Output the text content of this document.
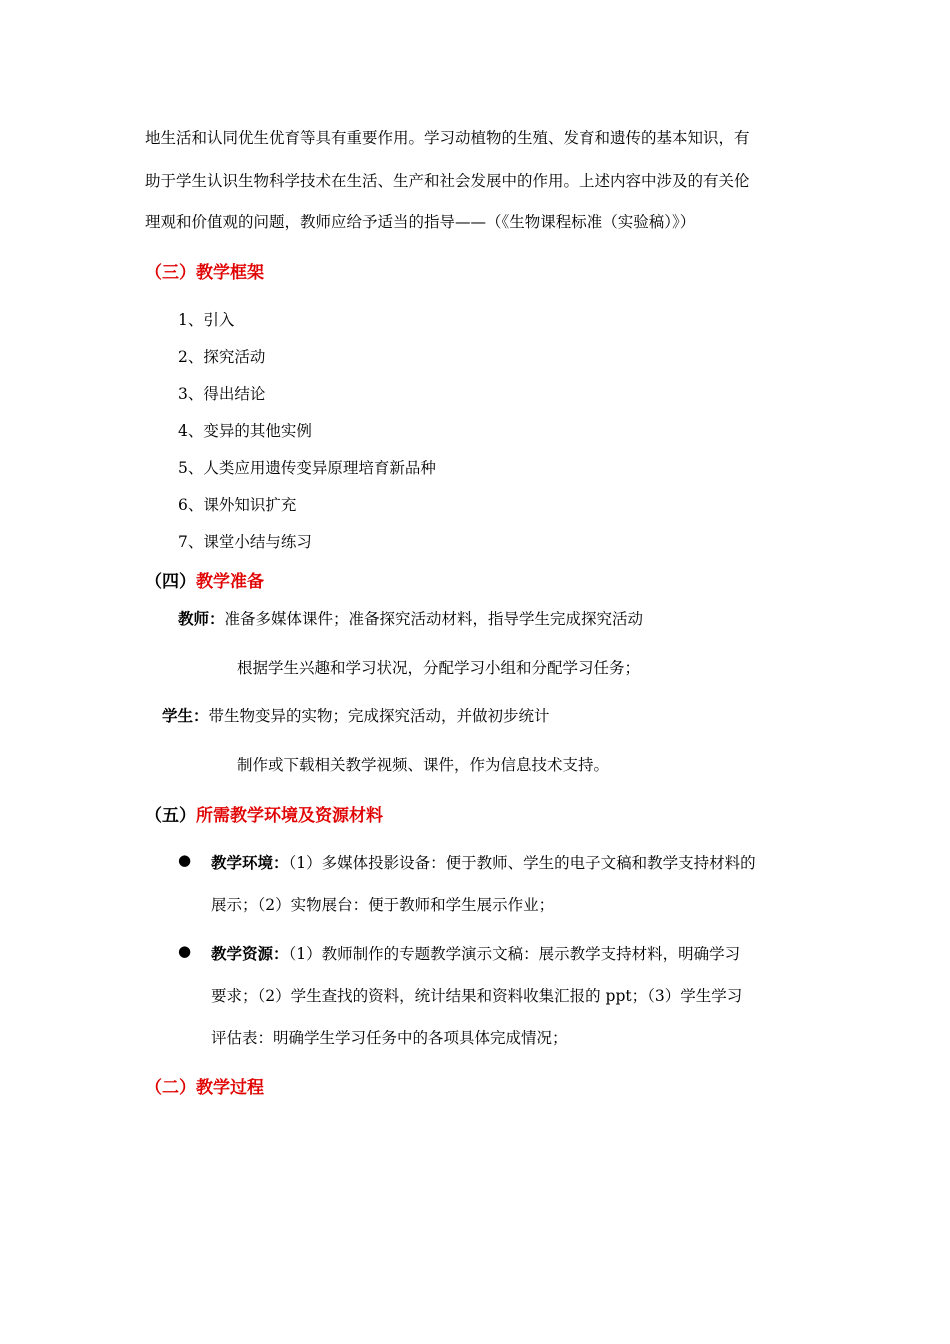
地生活和认同优生优育等具有重要作用。学习动植物的生殖、发育和遗传的基本知识，有
助于学生认识生物科学技术在生活、生产和社会发展中的作用。上述内容中涉及的有关伦
理观和价值观的问题，教师应给予适当的指导——（《生物课程标准（实验稿）》）
（三）教学框架
1、引入
2、探究活动
3、得出结论
4、变异的其他实例
5、人类应用遗传变异原理培育新品种
6、课外知识扩充
7、课堂小结与练习
（四）教学准备
教师：准备多媒体课件；准备探究活动材料，指导学生完成探究活动
根据学生兴趣和学习状况，分配学习小组和分配学习任务；
学生：带生物变异的实物；完成探究活动，并做初步统计
制作或下载相关教学视频、课件，作为信息技术支持。
（五）所需教学环境及资源材料
● 教学环境：（1）多媒体投影设备：便于教师、学生的电子文稿和教学支持材料的
展示；（2）实物展台：便于教师和学生展示作业；
● 教学资源：（1）教师制作的专题教学演示文稿：展示教学支持材料，明确学习
要求；（2）学生查找的资料，统计结果和资料收集汇报的 ppt；（3）学生学习
评估表：明确学生学习任务中的各项具体完成情况；
（二）教学过程
